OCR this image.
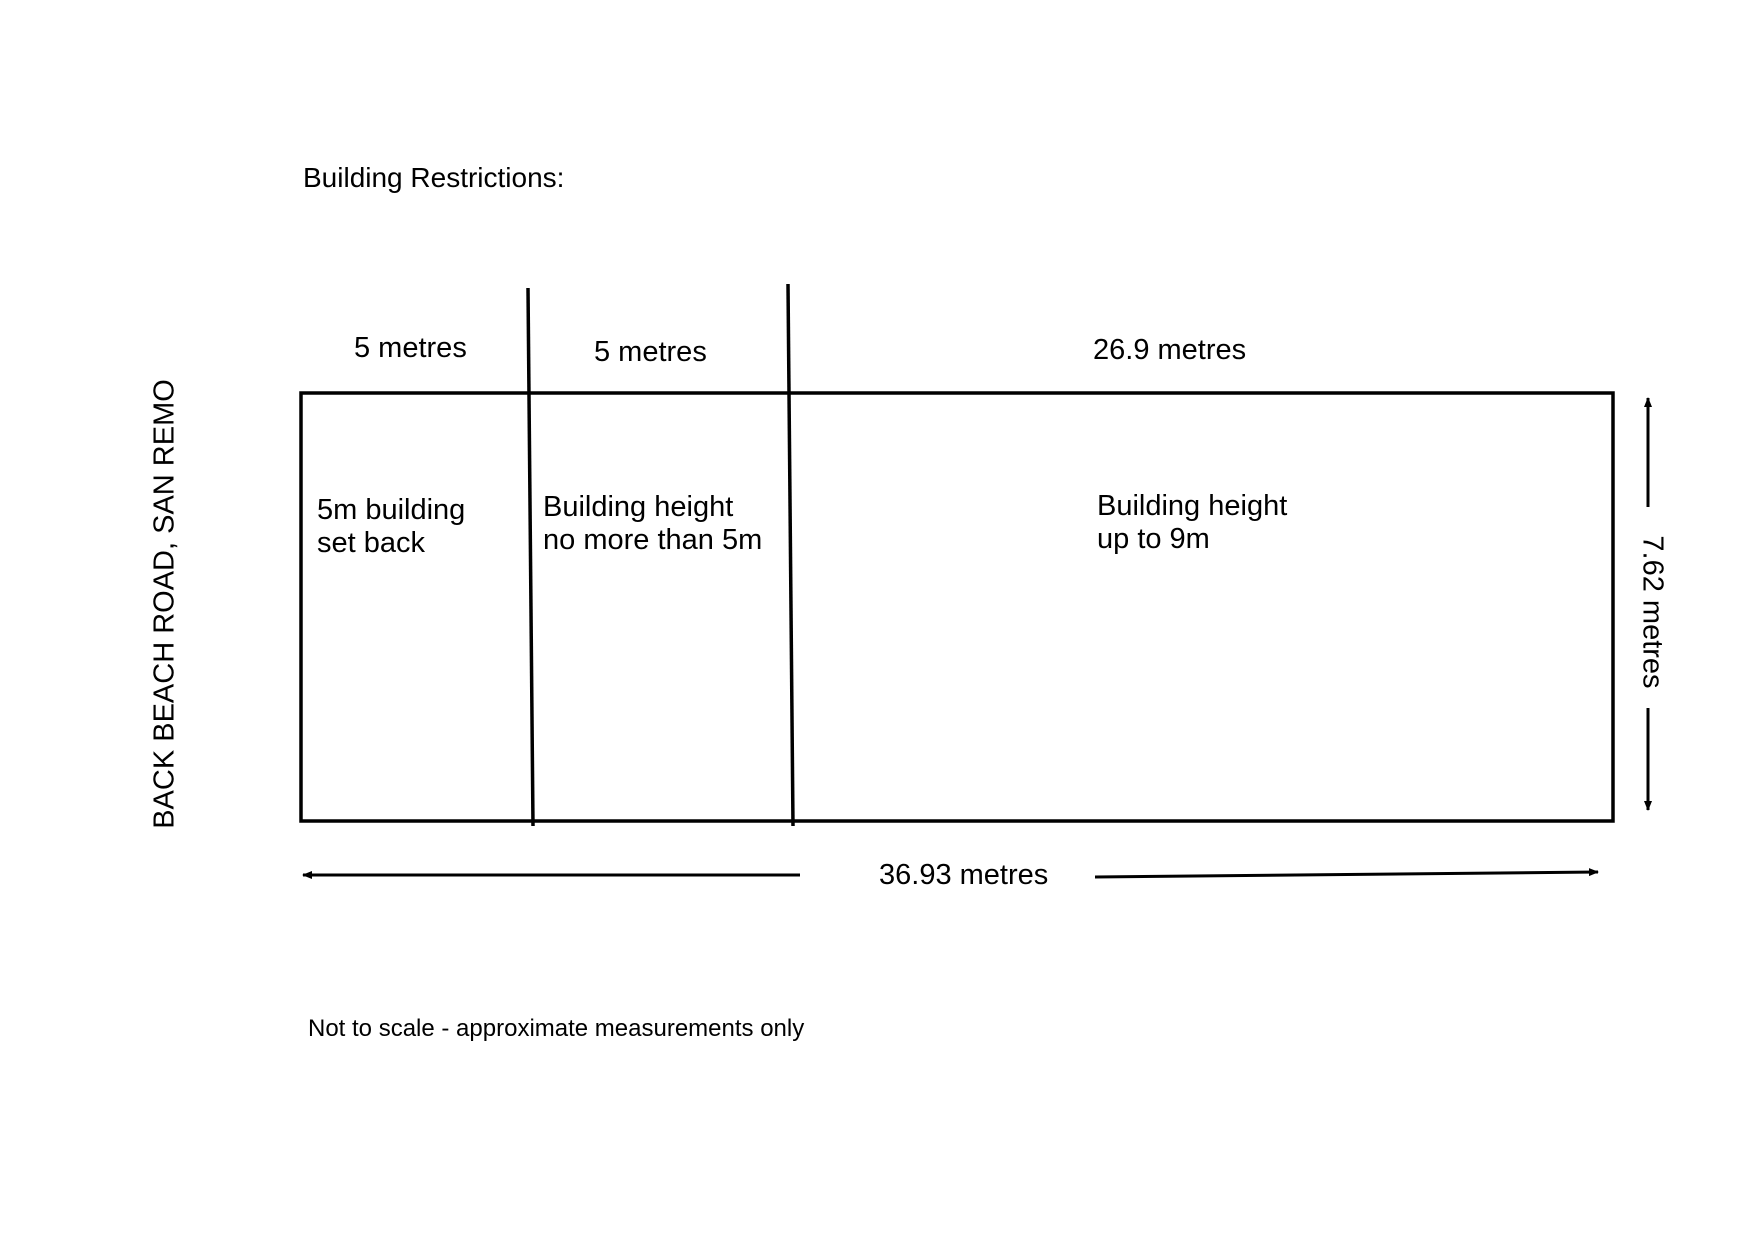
Building Restrictions:
BACK BEACH ROAD, SAN REMO
5 metres	5 metres	26.9 metres
5m building
set back
Building height
no more than 5m
Building height
up to 9m
36.93 metres
7.62 metres
Not to scale - approximate measurements only
